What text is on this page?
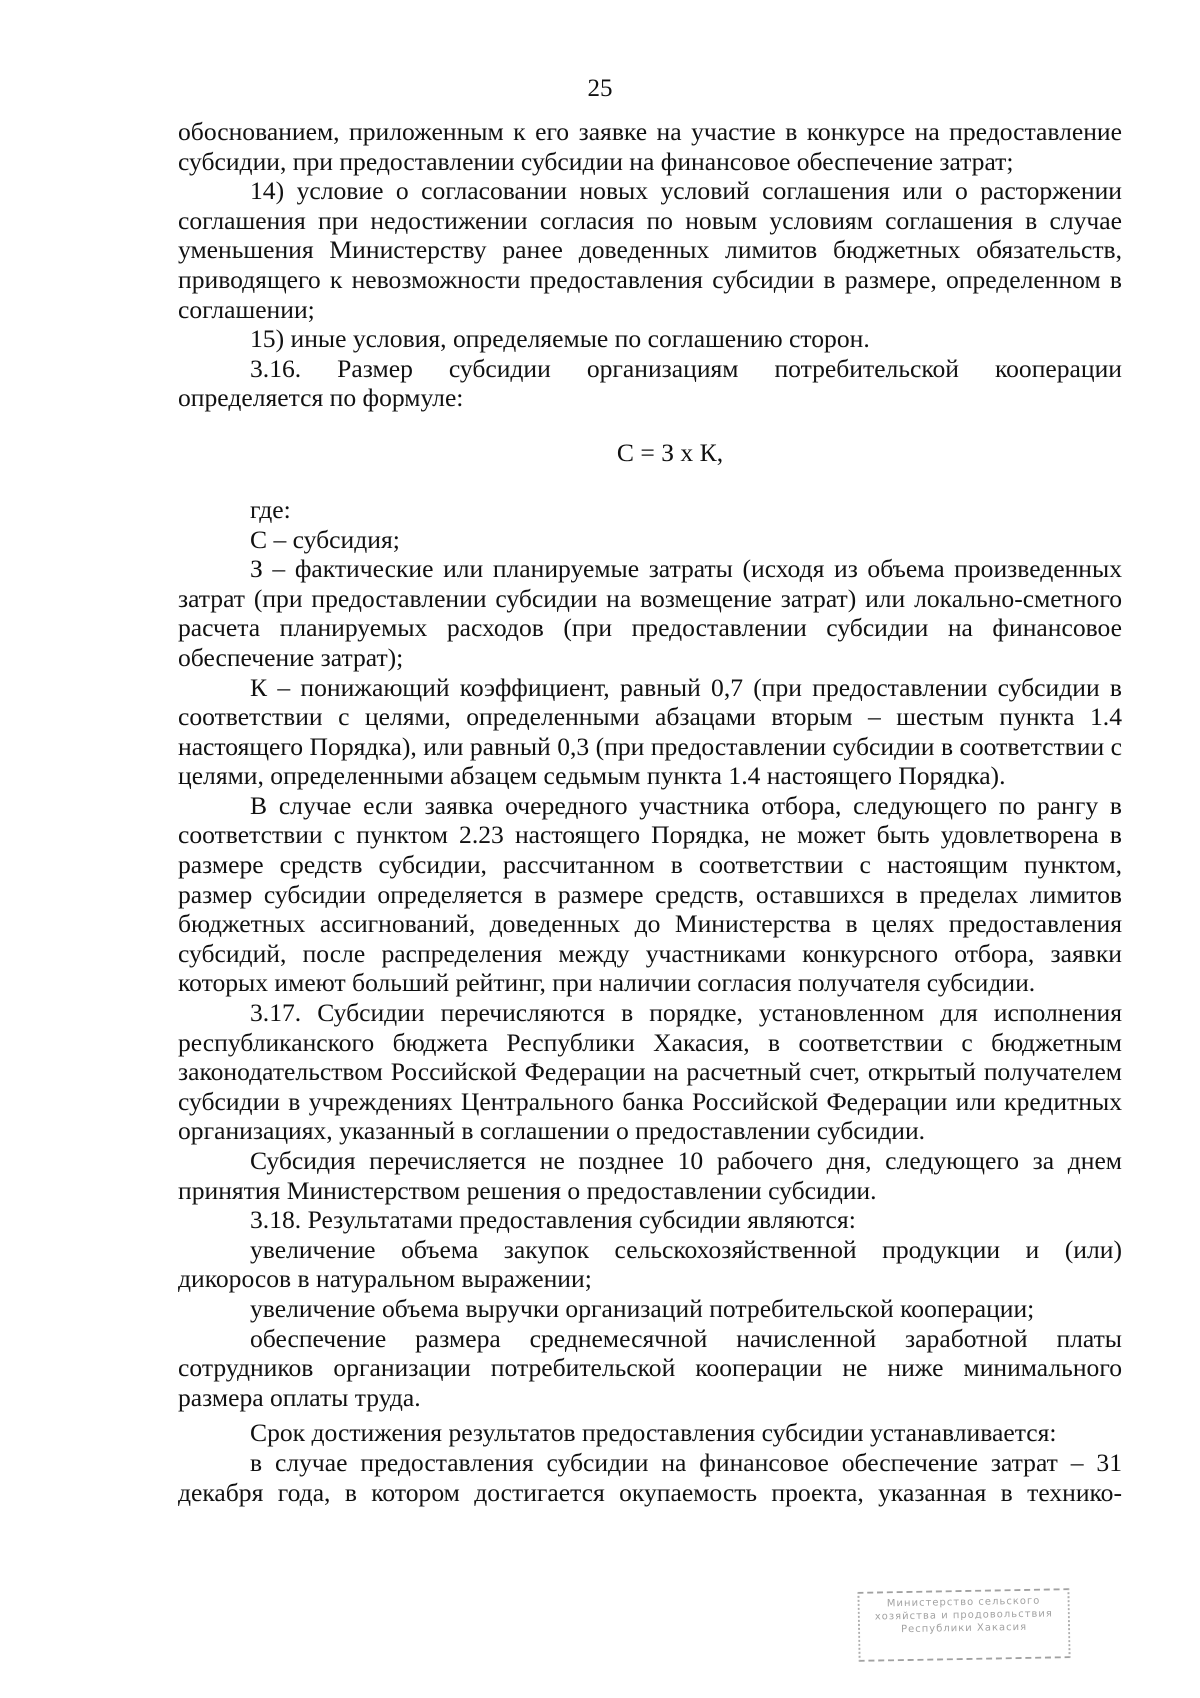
25

обоснованием, приложенным к его заявке на участие в конкурсе на предоставление субсидии, при предоставлении субсидии на финансовое обеспечение затрат;

14) условие о согласовании новых условий соглашения или о расторжении соглашения при недостижении согласия по новым условиям соглашения в случае уменьшения Министерству ранее доведенных лимитов бюджетных обязательств, приводящего к невозможности предоставления субсидии в размере, определенном в соглашении;

15) иные условия, определяемые по соглашению сторон.

3.16. Размер субсидии организациям потребительской кооперации определяется по формуле:

С = З х К,

где:

С – субсидия;

З – фактические или планируемые затраты (исходя из объема произведенных затрат (при предоставлении субсидии на возмещение затрат) или локально-сметного расчета планируемых расходов (при предоставлении субсидии на финансовое обеспечение затрат);

К – понижающий коэффициент, равный 0,7 (при предоставлении субсидии в соответствии с целями, определенными абзацами вторым – шестым пункта 1.4 настоящего Порядка), или равный 0,3 (при предоставлении субсидии в соответствии с целями, определенными абзацем седьмым пункта 1.4 настоящего Порядка).

В случае если заявка очередного участника отбора, следующего по рангу в соответствии с пунктом 2.23 настоящего Порядка, не может быть удовлетворена в размере средств субсидии, рассчитанном в соответствии с настоящим пунктом, размер субсидии определяется в размере средств, оставшихся в пределах лимитов бюджетных ассигнований, доведенных до Министерства в целях предоставления субсидий, после распределения между участниками конкурсного отбора, заявки которых имеют больший рейтинг, при наличии согласия получателя субсидии.

3.17. Субсидии перечисляются в порядке, установленном для исполнения республиканского бюджета Республики Хакасия, в соответствии с бюджетным законодательством Российской Федерации на расчетный счет, открытый получателем субсидии в учреждениях Центрального банка Российской Федерации или кредитных организациях, указанный в соглашении о предоставлении субсидии.

Субсидия перечисляется не позднее 10 рабочего дня, следующего за днем принятия Министерством решения о предоставлении субсидии.

3.18. Результатами предоставления субсидии являются:

увеличение объема закупок сельскохозяйственной продукции и (или) дикоросов в натуральном выражении;

увеличение объема выручки организаций потребительской кооперации;

обеспечение размера среднемесячной начисленной заработной платы сотрудников организации потребительской кооперации не ниже минимального размера оплаты труда.

Срок достижения результатов предоставления субсидии устанавливается:

в случае предоставления субсидии на финансовое обеспечение затрат – 31 декабря года, в котором достигается окупаемость проекта, указанная в технико-

Министерство сельского
хозяйства и продовольствия
Республики Хакасия
